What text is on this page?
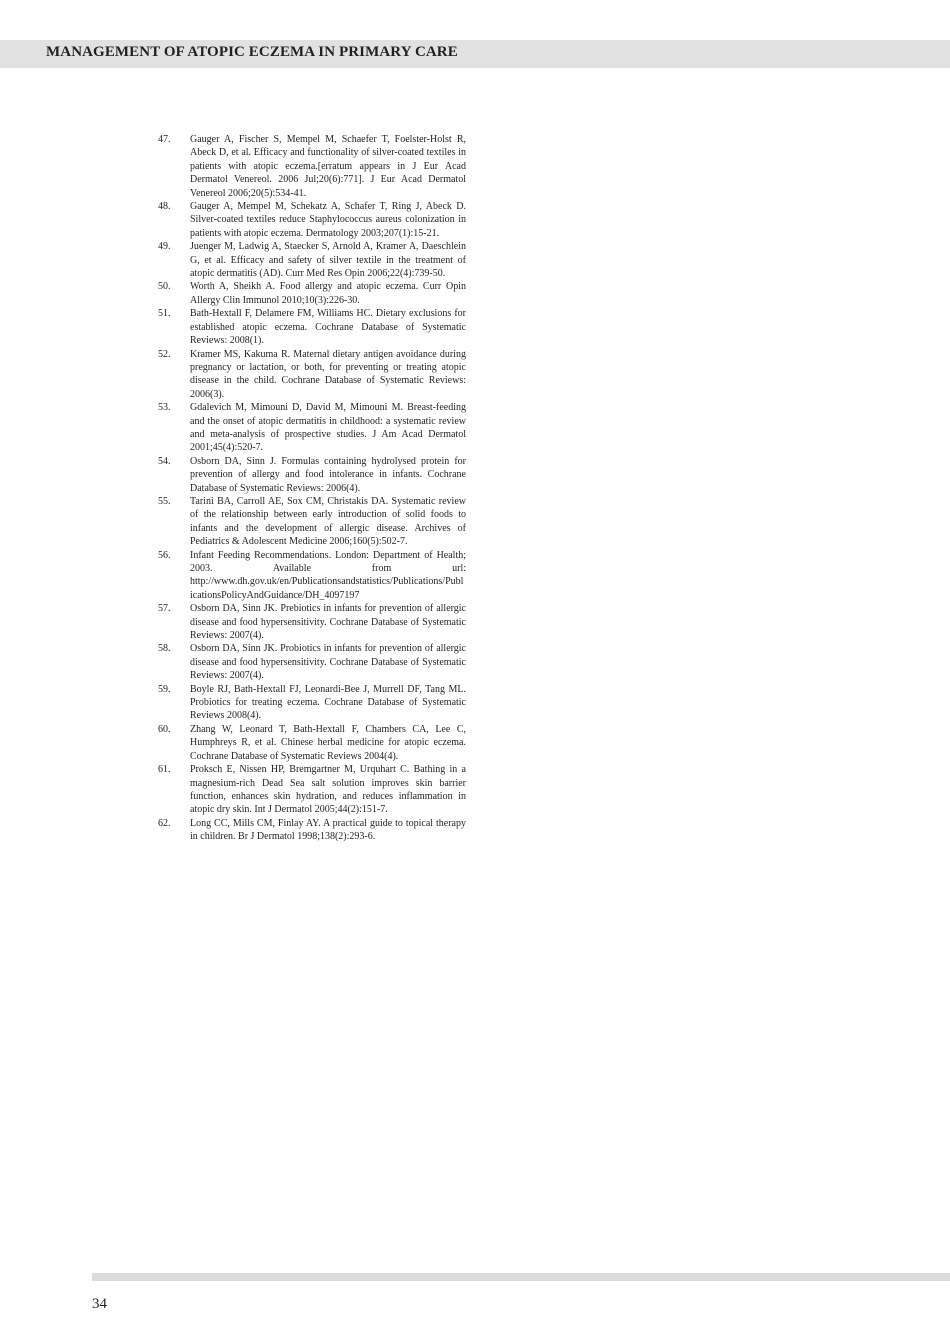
MANAGEMENT OF ATOPIC ECZEMA IN PRIMARY CARE
47.	Gauger A, Fischer S, Mempel M, Schaefer T, Foelster-Holst R, Abeck D, et al. Efficacy and functionality of silver-coated textiles in patients with atopic eczema.[erratum appears in J Eur Acad Dermatol Venereol. 2006 Jul;20(6):771]. J Eur Acad Dermatol Venereol 2006;20(5):534-41.
48.	Gauger A, Mempel M, Schekatz A, Schafer T, Ring J, Abeck D. Silver-coated textiles reduce Staphylococcus aureus colonization in patients with atopic eczema. Dermatology 2003;207(1):15-21.
49.	Juenger M, Ladwig A, Staecker S, Arnold A, Kramer A, Daeschlein G, et al. Efficacy and safety of silver textile in the treatment of atopic dermatitis (AD). Curr Med Res Opin 2006;22(4):739-50.
50.	Worth A, Sheikh A. Food allergy and atopic eczema. Curr Opin Allergy Clin Immunol 2010;10(3):226-30.
51.	Bath-Hextall F, Delamere FM, Williams HC. Dietary exclusions for established atopic eczema. Cochrane Database of Systematic Reviews: 2008(1).
52.	Kramer MS, Kakuma R. Maternal dietary antigen avoidance during pregnancy or lactation, or both, for preventing or treating atopic disease in the child. Cochrane Database of Systematic Reviews: 2006(3).
53.	Gdalevich M, Mimouni D, David M, Mimouni M. Breast-feeding and the onset of atopic dermatitis in childhood: a systematic review and meta-analysis of prospective studies. J Am Acad Dermatol 2001;45(4):520-7.
54.	Osborn DA, Sinn J. Formulas containing hydrolysed protein for prevention of allergy and food intolerance in infants. Cochrane Database of Systematic Reviews: 2006(4).
55.	Tarini BA, Carroll AE, Sox CM, Christakis DA. Systematic review of the relationship between early introduction of solid foods to infants and the development of allergic disease. Archives of Pediatrics & Adolescent Medicine 2006;160(5):502-7.
56.	Infant Feeding Recommendations. London: Department of Health; 2003. Available from url: http://www.dh.gov.uk/en/Publicationsandstatistics/Publications/PublicationsPolicyAndGuidance/DH_4097197
57.	Osborn DA, Sinn JK. Prebiotics in infants for prevention of allergic disease and food hypersensitivity. Cochrane Database of Systematic Reviews: 2007(4).
58.	Osborn DA, Sinn JK. Probiotics in infants for prevention of allergic disease and food hypersensitivity. Cochrane Database of Systematic Reviews: 2007(4).
59.	Boyle RJ, Bath-Hextall FJ, Leonardi-Bee J, Murrell DF, Tang ML. Probiotics for treating eczema. Cochrane Database of Systematic Reviews 2008(4).
60.	Zhang W, Leonard T, Bath-Hextall F, Chambers CA, Lee C, Humphreys R, et al. Chinese herbal medicine for atopic eczema. Cochrane Database of Systematic Reviews 2004(4).
61.	Proksch E, Nissen HP, Bremgartner M, Urquhart C. Bathing in a magnesium-rich Dead Sea salt solution improves skin barrier function, enhances skin hydration, and reduces inflammation in atopic dry skin. Int J Dermatol 2005;44(2):151-7.
62.	Long CC, Mills CM, Finlay AY. A practical guide to topical therapy in children. Br J Dermatol 1998;138(2):293-6.
34
